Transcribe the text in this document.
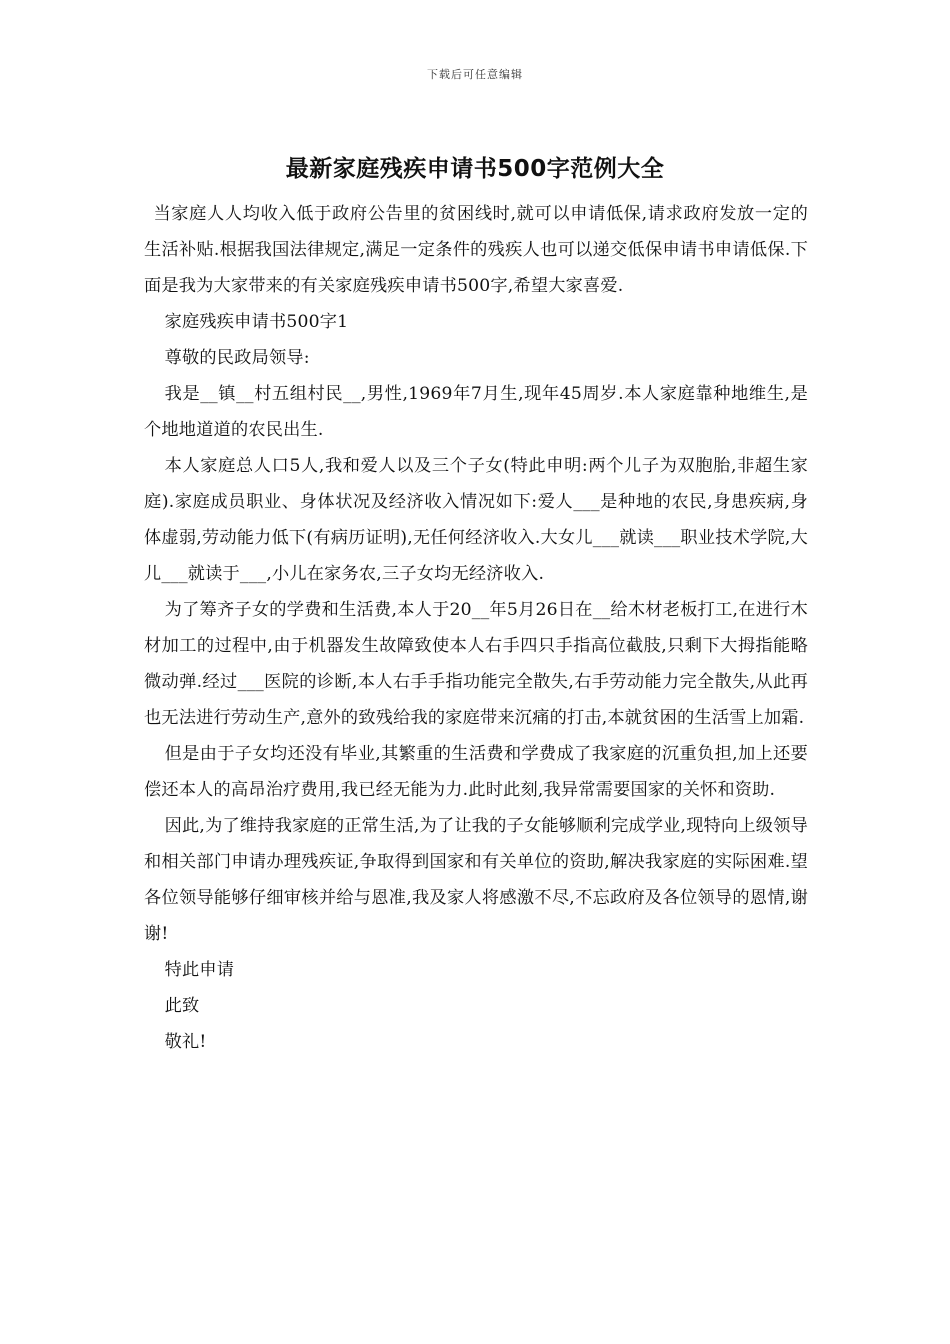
下载后可任意编辑
最新家庭残疾申请书500字范例大全

当家庭人人均收入低于政府公告里的贫困线时,就可以申请低保,请求政府发放一定的生活补贴.根据我国法律规定,满足一定条件的残疾人也可以递交低保申请书申请低保.下面是我为大家带来的有关家庭残疾申请书500字,希望大家喜爱.

家庭残疾申请书500字1

尊敬的民政局领导:

我是__镇__村五组村民__,男性,1969年7月生,现年45周岁.本人家庭靠种地维生,是个地地道道的农民出生.

本人家庭总人口5人,我和爱人以及三个子女(特此申明:两个儿子为双胞胎,非超生家庭).家庭成员职业、身体状况及经济收入情况如下:爱人___是种地的农民,身患疾病,身体虚弱,劳动能力低下(有病历证明),无任何经济收入.大女儿___就读___职业技术学院,大儿___就读于___,小儿在家务农,三子女均无经济收入.

为了筹齐子女的学费和生活费,本人于20__年5月26日在__给木材老板打工,在进行木材加工的过程中,由于机器发生故障致使本人右手四只手指高位截肢,只剩下大拇指能略微动弹.经过___医院的诊断,本人右手手指功能完全散失,右手劳动能力完全散失,从此再也无法进行劳动生产,意外的致残给我的家庭带来沉痛的打击,本就贫困的生活雪上加霜.

但是由于子女均还没有毕业,其繁重的生活费和学费成了我家庭的沉重负担,加上还要偿还本人的高昂治疗费用,我已经无能为力.此时此刻,我异常需要国家的关怀和资助.

因此,为了维持我家庭的正常生活,为了让我的子女能够顺利完成学业,现特向上级领导和相关部门申请办理残疾证,争取得到国家和有关单位的资助,解决我家庭的实际困难.望各位领导能够仔细审核并给与恩准,我及家人将感激不尽,不忘政府及各位领导的恩情,谢谢!

特此申请

此致

敬礼!
